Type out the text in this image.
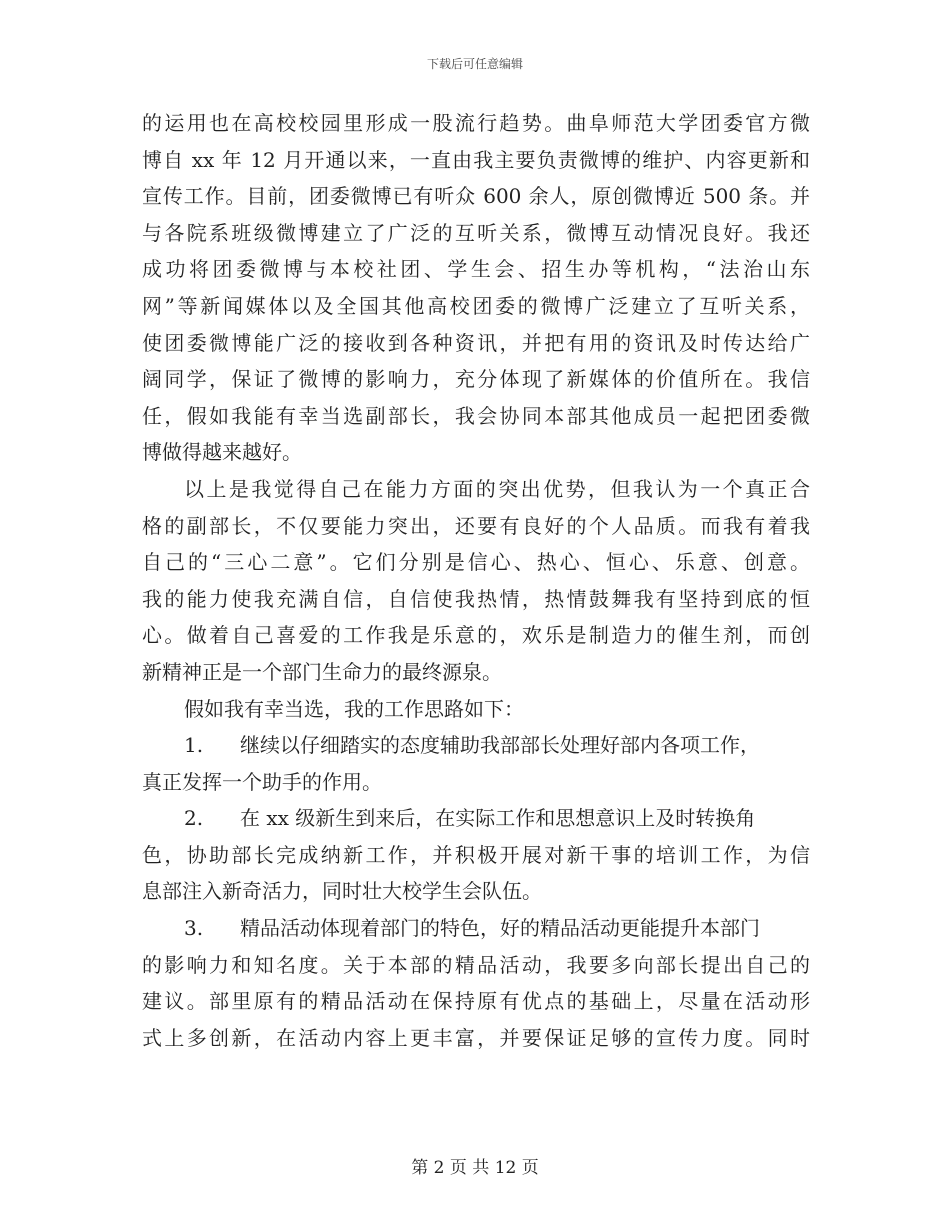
下载后可任意编辑
的运用也在高校校园里形成一股流行趋势。曲阜师范大学团委官方微
博自 xx 年 12 月开通以来，一直由我主要负责微博的维护、内容更新和
宣传工作。目前，团委微博已有听众 600 余人，原创微博近 500 条。并
与各院系班级微博建立了广泛的互听关系，微博互动情况良好。我还
成功将团委微博与本校社团、学生会、招生办等机构，“法治山东
网”等新闻媒体以及全国其他高校团委的微博广泛建立了互听关系，
使团委微博能广泛的接收到各种资讯，并把有用的资讯及时传达给广
阔同学，保证了微博的影响力，充分体现了新媒体的价值所在。我信
任，假如我能有幸当选副部长，我会协同本部其他成员一起把团委微
博做得越来越好。
以上是我觉得自己在能力方面的突出优势，但我认为一个真正合
格的副部长，不仅要能力突出，还要有良好的个人品质。而我有着我
自己的“三心二意”。它们分别是信心、热心、恒心、乐意、创意。
我的能力使我充满自信，自信使我热情，热情鼓舞我有坚持到底的恒
心。做着自己喜爱的工作我是乐意的，欢乐是制造力的催生剂，而创
新精神正是一个部门生命力的最终源泉。
假如我有幸当选，我的工作思路如下：
1. 继续以仔细踏实的态度辅助我部部长处理好部内各项工作，
真正发挥一个助手的作用。
2. 在 xx 级新生到来后，在实际工作和思想意识上及时转换角
色，协助部长完成纳新工作，并积极开展对新干事的培训工作，为信
息部注入新奇活力，同时壮大校学生会队伍。
3. 精品活动体现着部门的特色，好的精品活动更能提升本部门
的影响力和知名度。关于本部的精品活动，我要多向部长提出自己的
建议。部里原有的精品活动在保持原有优点的基础上，尽量在活动形
式上多创新，在活动内容上更丰富，并要保证足够的宣传力度。同时
第 2 页 共 12 页
